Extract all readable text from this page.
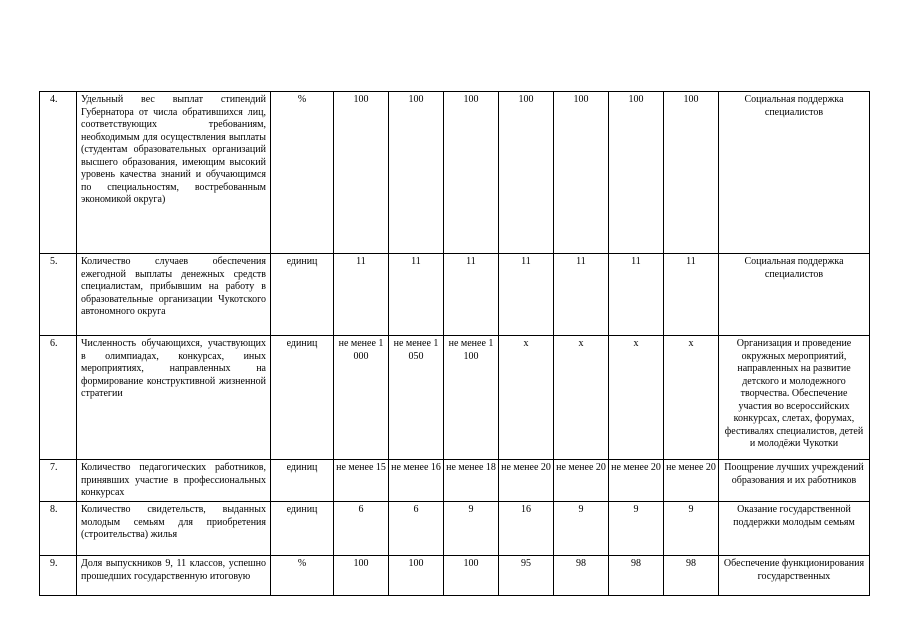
4.	Удельный вес выплат стипендий Губернатора от числа обратившихся лиц, соответствующих требованиям, необходимым для осуществления выплаты (студентам образовательных организаций высшего образования, имеющим высокий уровень качества знаний и обучающимся по специальностям, востребованным экономикой округа)	%	100	100	100	100	100	100	100	Социальная поддержка специалистов
5.	Количество случаев обеспечения ежегодной выплаты денежных средств специалистам, прибывшим на работу в образовательные организации Чукотского автономного округа	единиц	11	11	11	11	11	11	11	Социальная поддержка специалистов
6.	Численность обучающихся, участвующих в олимпиадах, конкурсах, иных мероприятиях, направленных на формирование конструктивной жизненной стратегии	единиц	не менее 1 000	не менее 1 050	не менее 1 100	х	х	х	х	Организация и проведение окружных мероприятий, направленных на развитие детского и молодежного творчества. Обеспечение участия во всероссийских конкурсах, слетах, форумах, фестивалях специалистов, детей и молодёжи Чукотки
7.	Количество педагогических работников, принявших участие в профессиональных конкурсах	единиц	не менее 15	не менее 16	не менее 18	не менее 20	не менее 20	не менее 20	не менее 20	Поощрение лучших учреждений образования и их работников
8.	Количество свидетельств, выданных молодым семьям для приобретения (строительства) жилья	единиц	6	6	9	16	9	9	9	Оказание государственной поддержки молодым семьям
9.	Доля выпускников 9, 11 классов, успешно прошедших государственную итоговую	%	100	100	100	95	98	98	98	Обеспечение функционирования государственных
